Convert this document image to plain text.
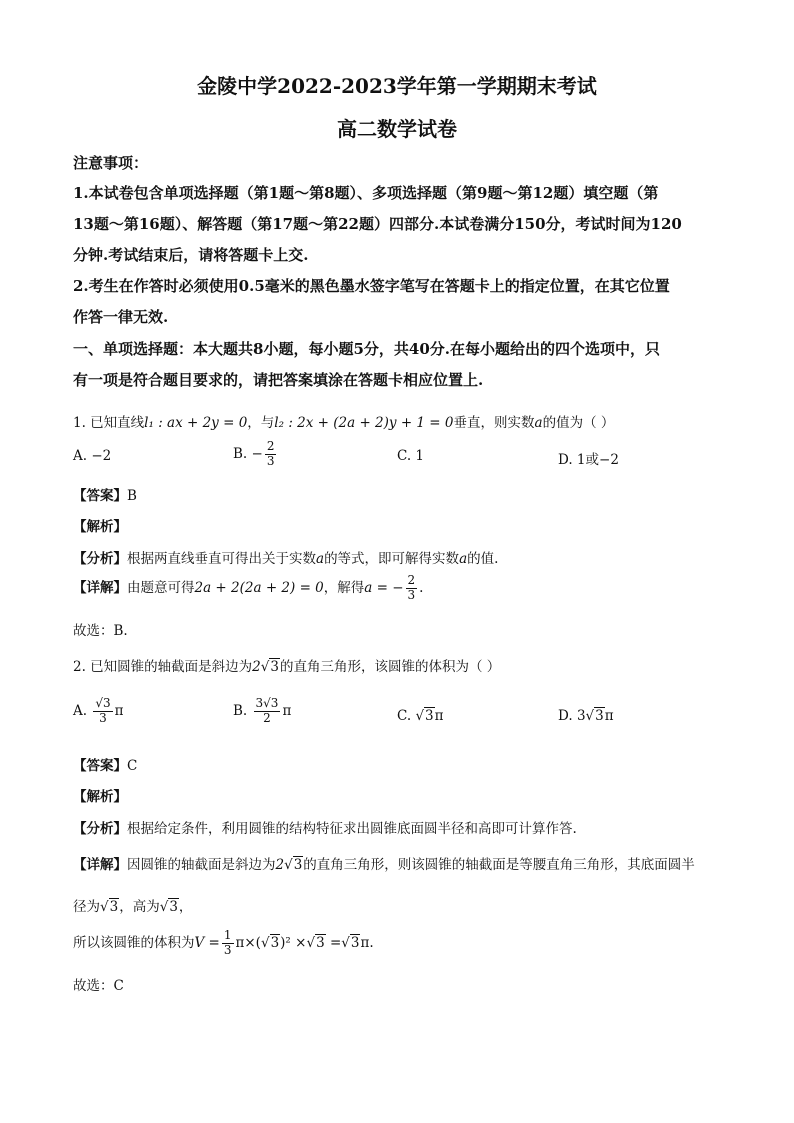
金陵中学2022-2023学年第一学期期末考试
高二数学试卷
注意事项：
1.本试卷包含单项选择题（第1题～第8题）、多项选择题（第9题～第12题）填空题（第
13题～第16题）、解答题（第17题～第22题）四部分.本试卷满分150分，考试时间为120
分钟.考试结束后，请将答题卡上交.
2.考生在作答时必须使用0.5毫米的黑色墨水签字笔写在答题卡上的指定位置，在其它位置
作答一律无效.
一、单项选择题：本大题共8小题，每小题5分，共40分.在每小题给出的四个选项中，只
有一项是符合题目要求的，请把答案填涂在答题卡相应位置上.
1. 已知直线l₁ : ax + 2y = 0，与l₂ : 2x + (2a + 2)y + 1 = 0垂直，则实数a的值为（ ）
A. −2	B. − $\frac{2}{3}$	C. 1	D. 1或−2
【答案】B
【解析】
【分析】根据两直线垂直可得出关于实数a的等式，即可解得实数a的值.
【详解】由题意可得2a + 2(2a + 2) = 0，解得a = − $\frac{2}{3}$ .
故选：B.
2. 已知圆锥的轴截面是斜边为2√3的直角三角形，该圆锥的体积为（ ）
A. $\frac{√3}{3}$ π	B. $\frac{3√3}{2}$ π	C. √3π	D. 3√3π
【答案】C
【解析】
【分析】根据给定条件，利用圆锥的结构特征求出圆锥底面圆半径和高即可计算作答.
【详解】因圆锥的轴截面是斜边为2√3的直角三角形，则该圆锥的轴截面是等腰直角三角形，其底面圆半
径为√3，高为√3，
所以该圆锥的体积为$V = \frac{1}{3} \pi\times(√3)^2 \times√3 =√3\pi$.
故选：C
